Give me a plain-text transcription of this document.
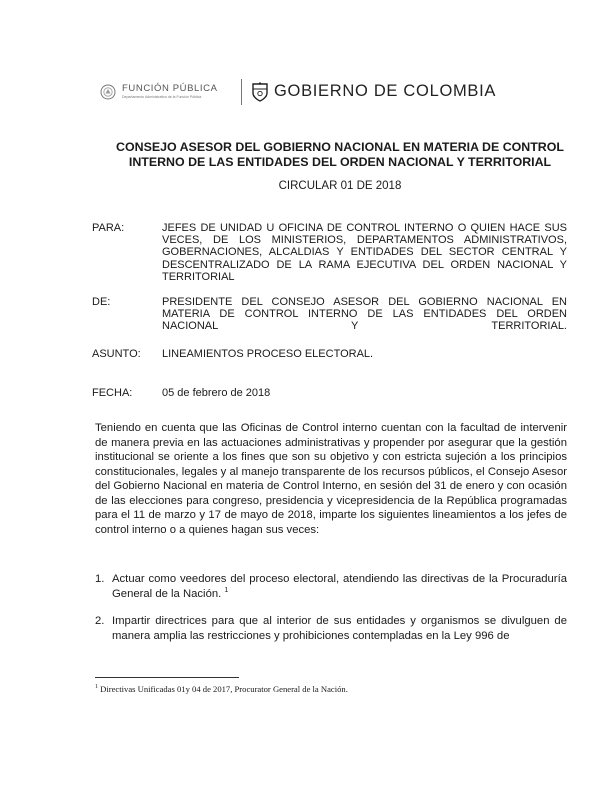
FUNCIÓN PÚBLICA
Departamento Administrativo de la Función Pública	GOBIERNO DE COLOMBIA
CONSEJO ASESOR DEL GOBIERNO NACIONAL EN MATERIA DE CONTROL
INTERNO DE LAS ENTIDADES DEL ORDEN NACIONAL Y TERRITORIAL
CIRCULAR 01 DE 2018
PARA:	JEFES DE UNIDAD U OFICINA DE CONTROL INTERNO O QUIEN HACE SUS VECES, DE LOS MINISTERIOS, DEPARTAMENTOS ADMINISTRATIVOS, GOBERNACIONES, ALCALDIAS Y ENTIDADES DEL SECTOR CENTRAL Y DESCENTRALIZADO DE LA RAMA EJECUTIVA DEL ORDEN NACIONAL Y
TERRITORIAL
DE:	PRESIDENTE DEL CONSEJO ASESOR DEL GOBIERNO NACIONAL EN MATERIA DE CONTROL INTERNO DE LAS ENTIDADES DEL ORDEN
NACIONAL Y TERRITORIAL.
ASUNTO: LINEAMIENTOS PROCESO ELECTORAL.
FECHA:	05 de febrero de 2018
Teniendo en cuenta que las Oficinas de Control interno cuentan con la facultad de intervenir de manera previa en las actuaciones administrativas y propender por asegurar que la gestión institucional se oriente a los fines que son su objetivo y con estricta sujeción a los principios constitucionales, legales y al manejo transparente de los recursos públicos, el Consejo Asesor del Gobierno Nacional en materia de Control Interno, en sesión del 31 de enero y con ocasión de las elecciones para congreso, presidencia y vicepresidencia de la República programadas para el 11 de marzo y 17 de mayo de 2018, imparte los siguientes lineamientos a los jefes de control interno o a quienes hagan sus veces:
1. Actuar como veedores del proceso electoral, atendiendo las directivas de la Procuraduría General de la Nación. $^1$
2. Impartir directrices para que al interior de sus entidades y organismos se divulguen de manera amplia las restricciones y prohibiciones contempladas en la Ley 996 de
$^1$ Directivas Unificadas 01y 04 de 2017, Procurator General de la Nación.
